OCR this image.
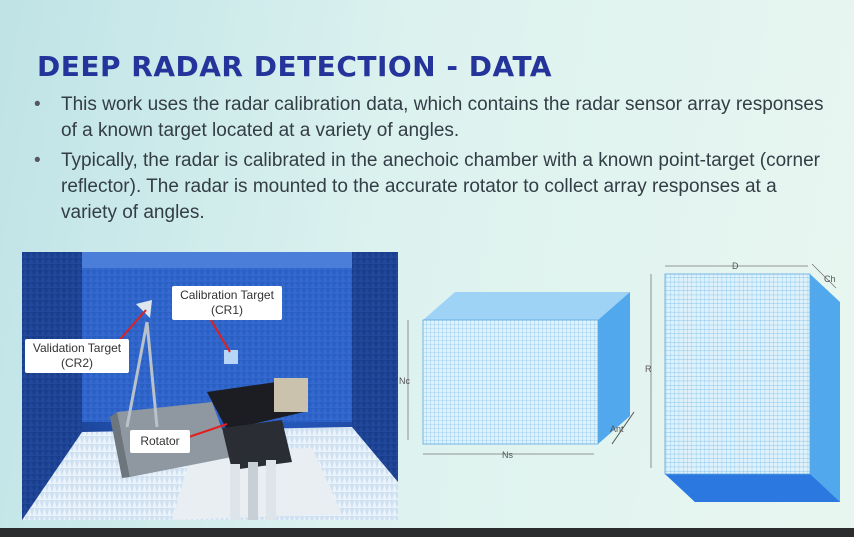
DEEP RADAR DETECTION - DATA
• This work uses the radar calibration data, which contains the radar sensor array responses of a known target located at a variety of angles.
• Typically, the radar is calibrated in the anechoic chamber with a known point-target (corner reflector). The radar is mounted to the accurate rotator to collect array responses at a variety of angles.
Calibration Target (CR1)
Validation Target (CR2)
Rotator
Nc
Ns
Ant
D
R
Ch
